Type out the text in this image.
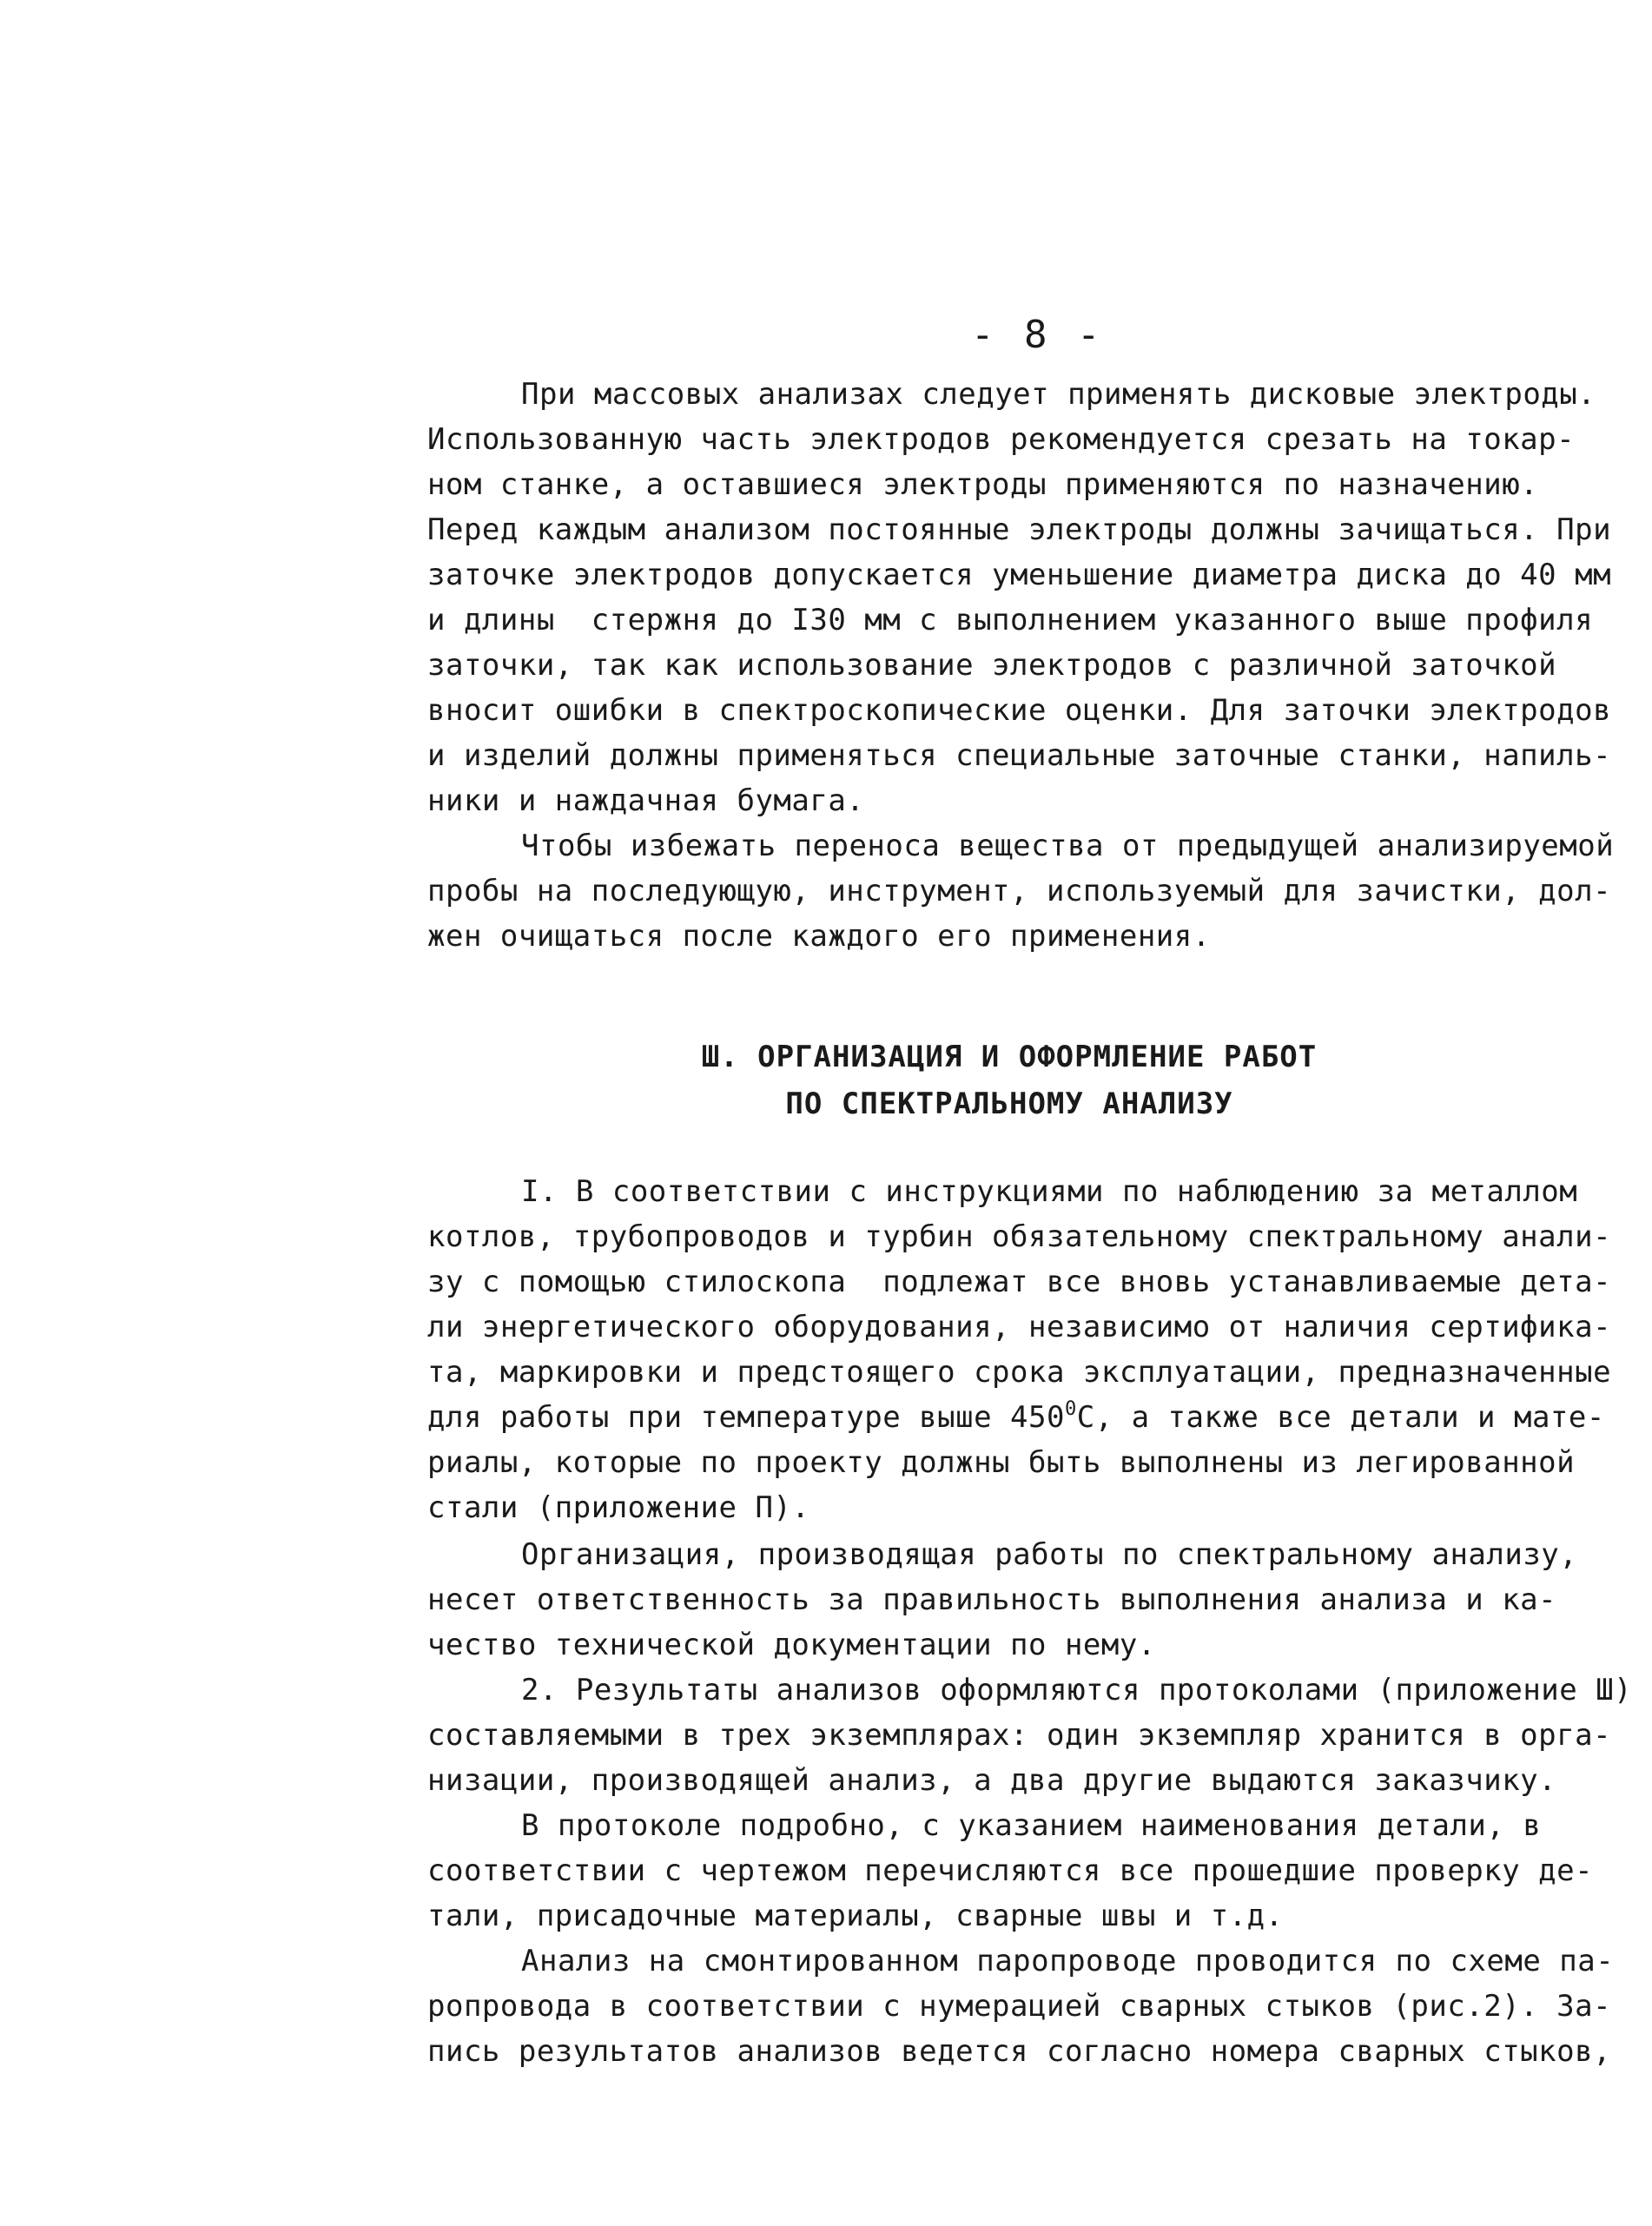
- 8 -
При массовых анализах следует применять дисковые электроды.
Использованную часть электродов рекомендуется срезать на токар-
ном станке, а оставшиеся электроды применяются по назначению.
Перед каждым анализом постоянные электроды должны зачищаться. При
заточке электродов допускается уменьшение диаметра диска до 40 мм
и длины  стержня до I30 мм с выполнением указанного выше профиля
заточки, так как использование электродов с различной заточкой
вносит ошибки в спектроскопические оценки. Для заточки электродов
и изделий должны применяться специальные заточные станки, напиль-
ники и наждачная бумага.
Чтобы избежать переноса вещества от предыдущей анализируемой
пробы на последующую, инструмент, используемый для зачистки, дол-
жен очищаться после каждого его применения.
Ш. ОРГАНИЗАЦИЯ И ОФОРМЛЕНИЕ РАБОТ
ПО СПЕКТРАЛЬНОМУ АНАЛИЗУ
I. В соответствии с инструкциями по наблюдению за металлом
котлов, трубопроводов и турбин обязательному спектральному анали-
зу с помощью стилоскопа  подлежат все вновь устанавливаемые дета-
ли энергетического оборудования, независимо от наличия сертифика-
та, маркировки и предстоящего срока эксплуатации, предназначенные
для работы при температуре выше $450^0С$, а также все детали и мате-
риалы, которые по проекту должны быть выполнены из легированной
стали (приложение П).
Организация, производящая работы по спектральному анализу,
несет ответственность за правильность выполнения анализа и ка-
чество технической документации по нему.
2. Результаты анализов оформляются протоколами (приложение Ш)
составляемыми в трех экземплярах: один экземпляр хранится в орга-
низации, производящей анализ, а два другие выдаются заказчику.
В протоколе подробно, с указанием наименования детали, в
соответствии с чертежом перечисляются все прошедшие проверку де-
тали, присадочные материалы, сварные швы и т.д.
Анализ на смонтированном паропроводе проводится по схеме па-
ропровода в соответствии с нумерацией сварных стыков (рис.2). За-
пись результатов анализов ведется согласно номера сварных стыков,
